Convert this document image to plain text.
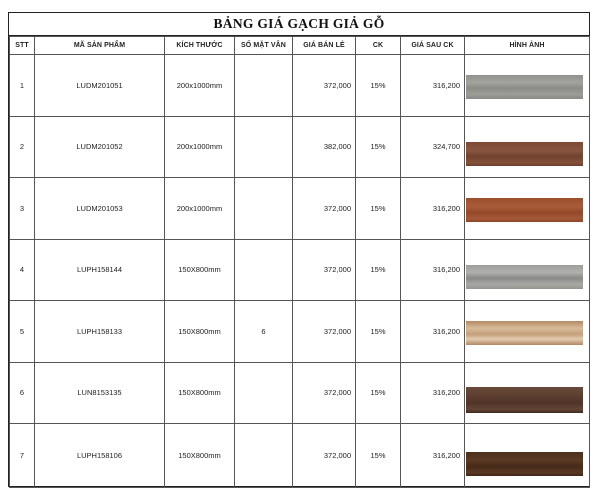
BẢNG GIÁ GẠCH GIẢ GỖ
STT	MÃ SẢN PHẨM	KÍCH THƯỚC	SỐ MẶT VÂN	GIÁ BÁN LẺ	CK	GIÁ SAU CK	HÌNH ẢNH
1	LUDM201051	200x1000mm		372,000	15%	316,200	

2	LUDM201052	200x1000mm		382,000	15%	324,700	

3	LUDM201053	200x1000mm		372,000	15%	316,200	

4	LUPH158144	150X800mm		372,000	15%	316,200	

5	LUPH158133	150X800mm	6	372,000	15%	316,200	

6	LUN8153135	150X800mm		372,000	15%	316,200	

7	LUPH158106	150X800mm		372,000	15%	316,200	
